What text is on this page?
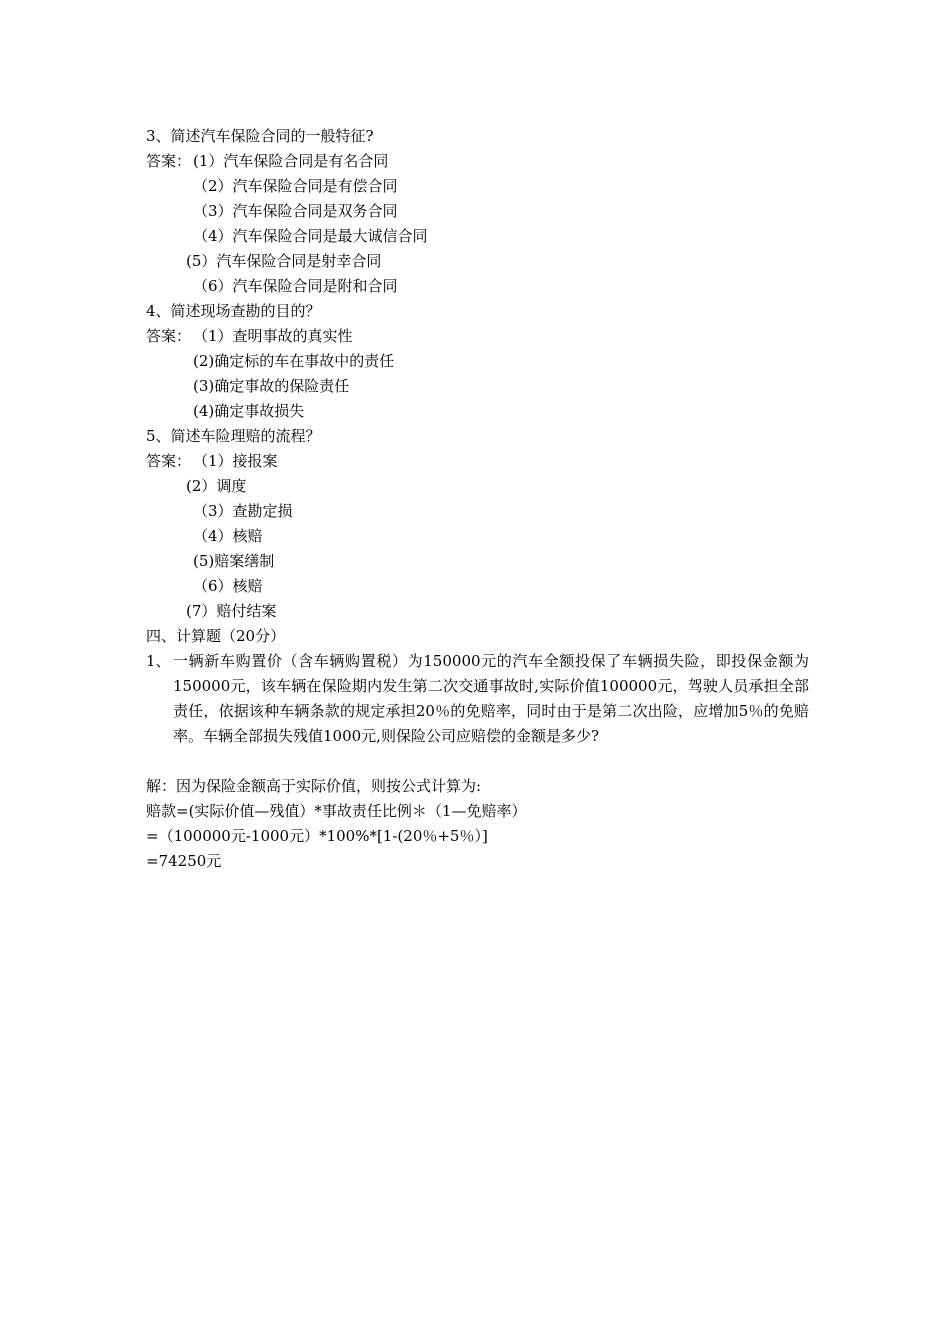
3、简述汽车保险合同的一般特征?
答案： (1）汽车保险合同是有名合同
（2）汽车保险合同是有偿合同
（3）汽车保险合同是双务合同
（4）汽车保险合同是最大诚信合同
(5）汽车保险合同是射幸合同
（6）汽车保险合同是附和合同
4、简述现场查勘的目的？
答案： （1）查明事故的真实性
(2)确定标的车在事故中的责任
(3)确定事故的保险责任
(4)确定事故损失
5、简述车险理赔的流程？
答案： （1）接报案
(2）调度
（3）查勘定损
（4）核赔
(5)赔案缮制
（6）核赔
(7）赔付结案
四、计算题（20分）
1、 一辆新车购置价（含车辆购置税）为150000元的汽车全额投保了车辆损失险，即投保金额为150000元，该车辆在保险期内发生第二次交通事故时,实际价值100000元，驾驶人员承担全部责任，依据该种车辆条款的规定承担20％的免赔率，同时由于是第二次出险，应增加5％的免赔率。车辆全部损失残值1000元,则保险公司应赔偿的金额是多少?
解：因为保险金额高于实际价值，则按公式计算为:
赔款=(实际价值—残值）*事故责任比例＊（1—免赔率）
=（100000元-1000元）*100%*[1-(20％+5％）]
=74250元
